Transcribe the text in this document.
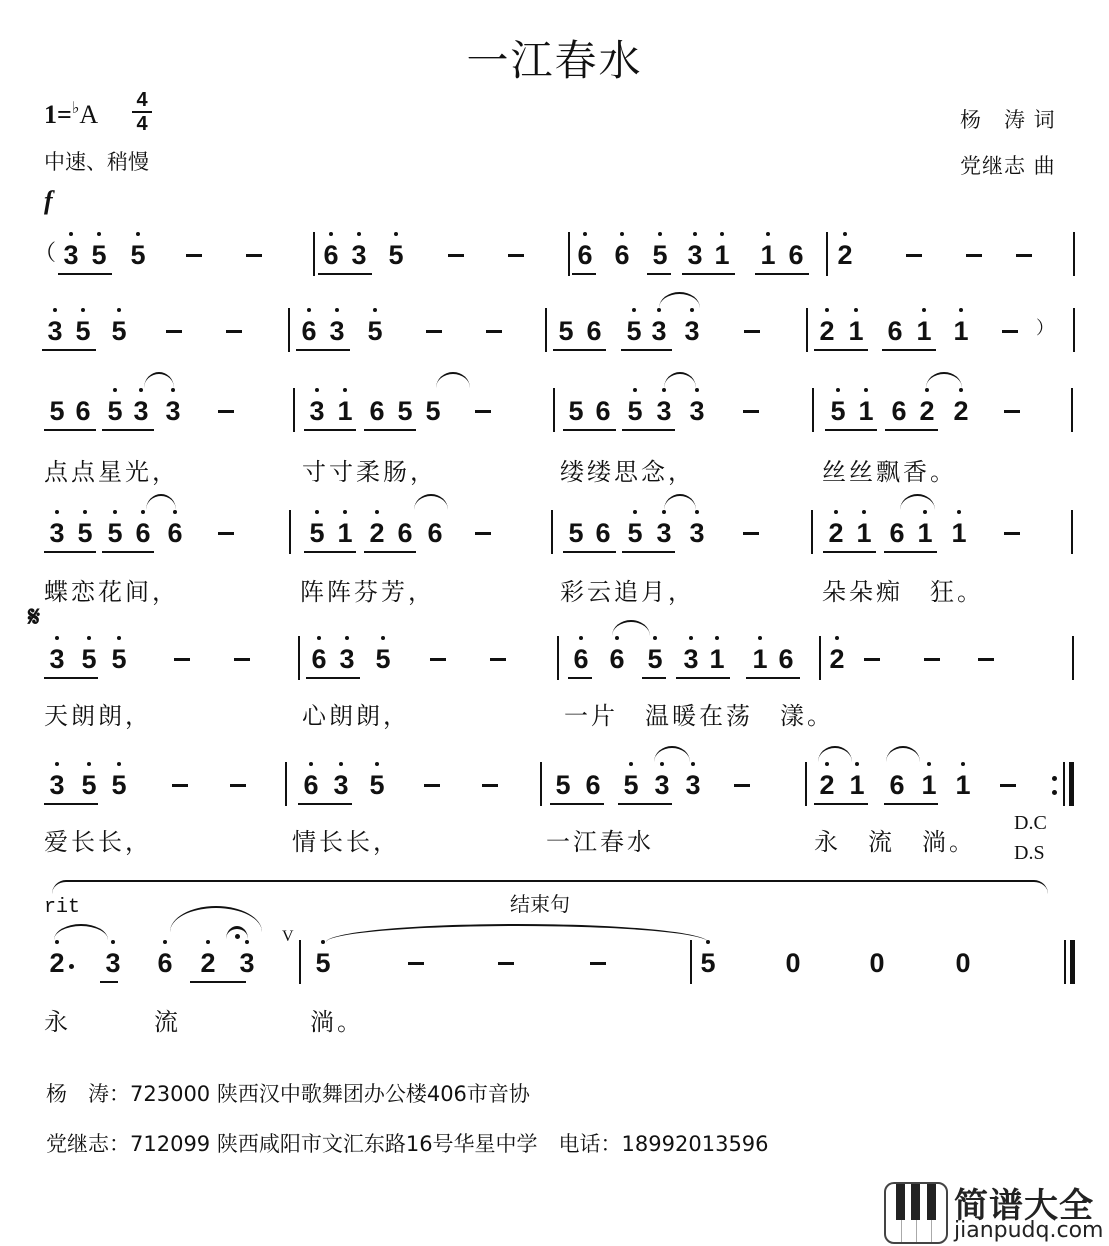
一江春水
1=♭A 4
4
中速、稍慢
f
杨　涛 词
党继志 曲
（
）
𝄋
D.C
D.S
rit	结束句
V
3 5 5	6 3 5	6 6 5 3 1 1 6 2
3 5 5	6 3 5	5 6 5 3 3	2 1 6 1 1
5 6 5 3 3	3 1 6 5 5	5 6 5 3 3	5 1 6 2 2
3 5 5 6 6	5 1 2 6 6	5 6 5 3 3	2 1 6 1 1
3 5 5	6 3 5	6 6 5 3 1 1 6 2
3 5 5	6 3 5	5 6 5 3 3	2 1 6 1 1
2 3 6 2 3 5	5	0	0	0
点点星光，	寸寸柔肠，	缕缕思念，	丝丝飘香。
蝶恋花间，	阵阵芬芳，	彩云追月，	朵朵痴　狂。
天朗朗，	心朗朗，	一片　温暖在荡　漾。
爱长长，	情长长，	一江春水	永　流　淌。
永	流	淌。
杨　涛：723000 陕西汉中歌舞团办公楼406市音协
党继志：712099 陕西咸阳市文汇东路16号华星中学　电话：18992013596
简谱大全
jianpudq.com
